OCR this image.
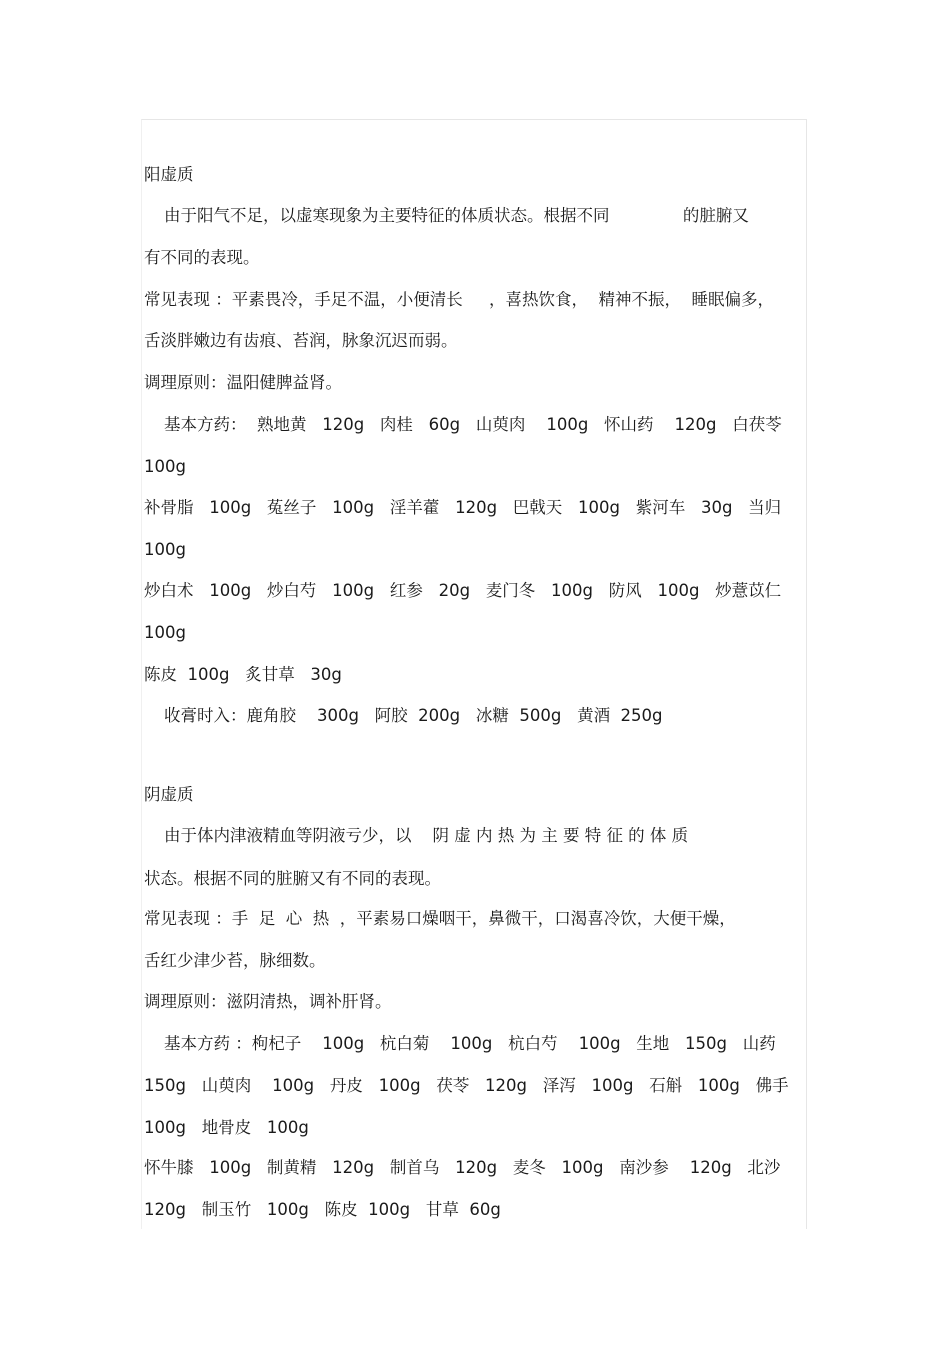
阳虚质
由于阳气不足，以虚寒现象为主要特征的体质状态。根据不同              的脏腑又
有不同的表现。
常见表现 ：平素畏冷，手足不温，小便清长     ，喜热饮食，  精神不振，  睡眠偏多，
舌淡胖嫩边有齿痕、苔润，脉象沉迟而弱。
调理原则：温阳健脾益肾。
基本方药：  熟地黄   120g   肉桂   60g   山萸肉    100g   怀山药    120g   白茯苓
100g
补骨脂   100g   菟丝子   100g   淫羊藿   120g   巴戟天   100g   紫河车   30g   当归
100g
炒白术   100g   炒白芍   100g   红参   20g   麦门冬   100g   防风   100g   炒薏苡仁
100g
陈皮  100g   炙甘草   30g
收膏时入：鹿角胶    300g   阿胶  200g   冰糖  500g   黄酒  250g
阴虚质
由于体内津液精血等阴液亏少，以    阴 虚 内 热 为 主 要 特 征 的 体 质
状态。根据不同的脏腑又有不同的表现。
常见表现 ：手  足  心  热  ，平素易口燥咽干，鼻微干，口渴喜冷饮，大便干燥，
舌红少津少苔，脉细数。
调理原则：滋阴清热，调补肝肾。
基本方药 ：枸杞子    100g   杭白菊    100g   杭白芍    100g   生地   150g   山药
150g   山萸肉    100g   丹皮   100g   茯苓   120g   泽泻   100g   石斛   100g   佛手
100g   地骨皮   100g
怀牛膝   100g   制黄精   120g   制首乌   120g   麦冬   100g   南沙参    120g   北沙
120g   制玉竹   100g   陈皮  100g   甘草  60g
